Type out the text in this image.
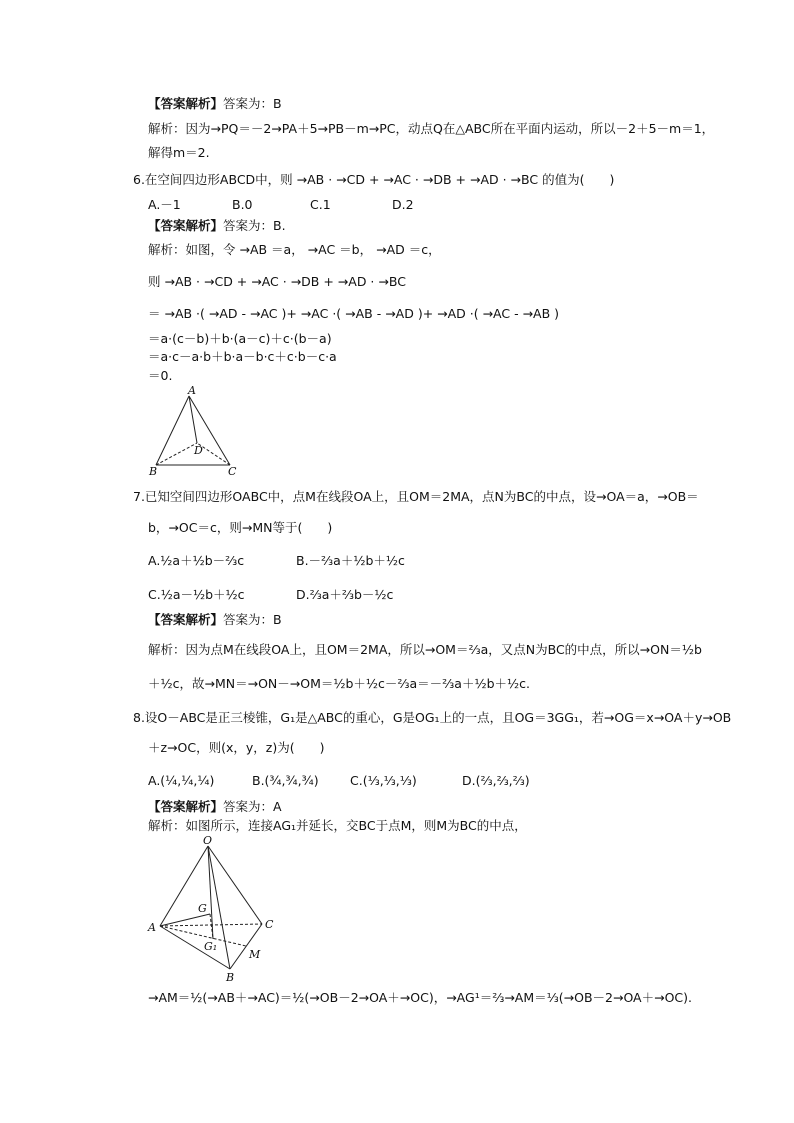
【答案解析】答案为：B
解析：因为→PQ＝－2→PA＋5→PB－m→PC，动点Q在△ABC所在平面内运动，所以－2＋5－m＝1，
解得m＝2.
6.在空间四边形ABCD中，则 →AB · →CD + →AC · →DB + →AD · →BC 的值为(　　)
A.－1	B.0	C.1	D.2
【答案解析】答案为：B.
解析：如图，令 →AB ＝a， →AC ＝b， →AD ＝c，
则 →AB · →CD + →AC · →DB + →AD · →BC
＝ →AB ·( →AD - →AC )+ →AC ·( →AB - →AD )+ →AD ·( →AC - →AB )
＝a·(c－b)＋b·(a－c)＋c·(b－a)
＝a·c－a·b＋b·a－b·c＋c·b－c·a
＝0.
A
B	C
D
7.已知空间四边形OABC中，点M在线段OA上，且OM＝2MA，点N为BC的中点，设→OA＝a，→OB＝
b，→OC＝c，则→MN等于(　　)
A.½a＋½b－⅔c	B.－⅔a＋½b＋½c
C.½a－½b＋½c	D.⅔a＋⅔b－½c
【答案解析】答案为：B
解析：因为点M在线段OA上，且OM＝2MA，所以→OM＝⅔a，又点N为BC的中点，所以→ON＝½b
＋½c，故→MN＝→ON－→OM＝½b＋½c－⅔a＝－⅔a＋½b＋½c.
8.设O－ABC是正三棱锥，G₁是△ABC的重心，G是OG₁上的一点，且OG＝3GG₁，若→OG＝x→OA＋y→OB
＋z→OC，则(x，y，z)为(　　)
A.(¼,¼,¼)	B.(¾,¾,¾)	C.(⅓,⅓,⅓)	D.(⅔,⅔,⅔)
【答案解析】答案为：A
解析：如图所示，连接AG₁并延长，交BC于点M，则M为BC的中点，
O
G
A	C
G₁
M
B
→AM＝½(→AB＋→AC)＝½(→OB－2→OA＋→OC)，→AG¹＝⅔→AM＝⅓(→OB－2→OA＋→OC).
